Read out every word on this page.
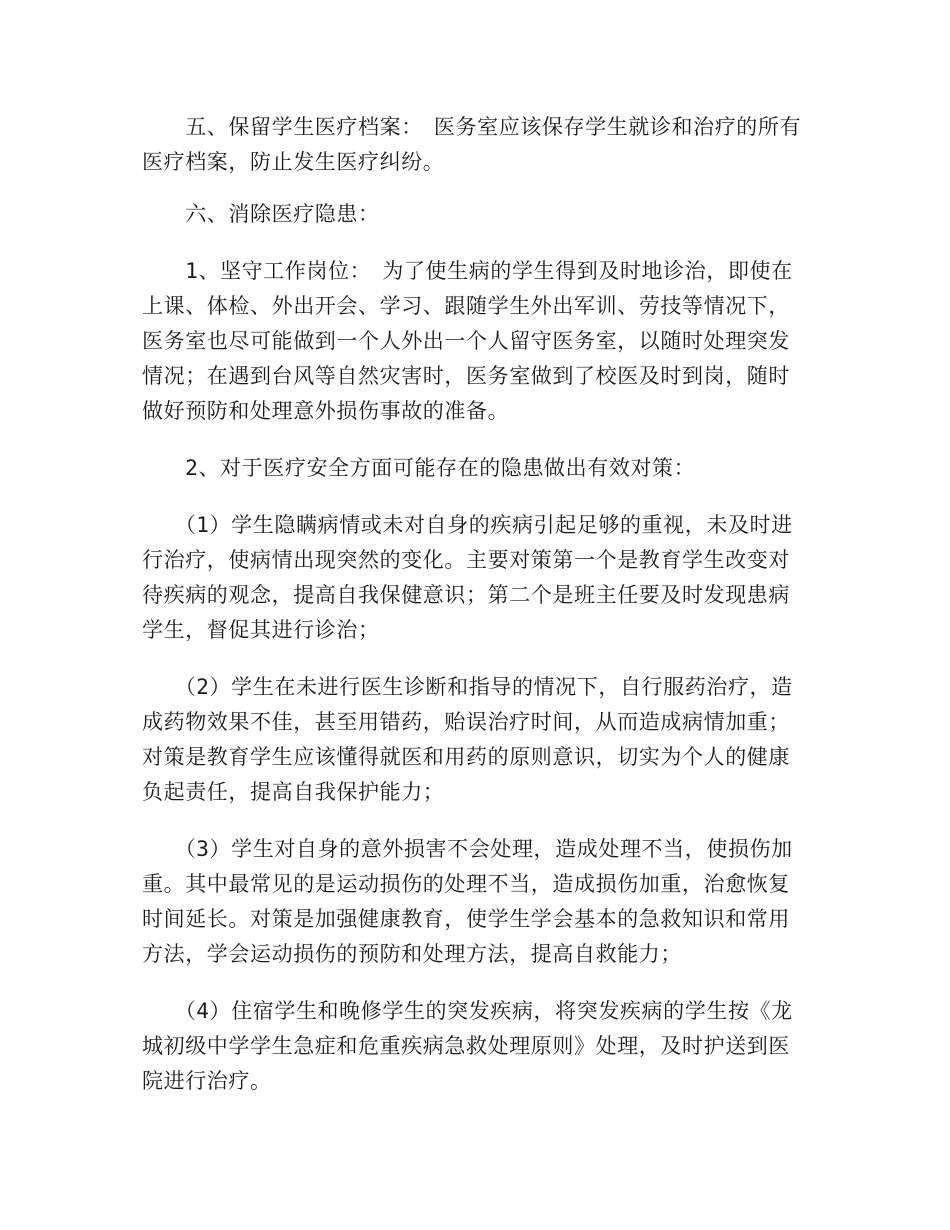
　　五、保留学生医疗档案：　医务室应该保存学生就诊和治疗的所有
医疗档案，防止发生医疗纠纷。

　　六、消除医疗隐患：

　　1、坚守工作岗位：　为了使生病的学生得到及时地诊治，即使在
上课、体检、外出开会、学习、跟随学生外出军训、劳技等情况下，
医务室也尽可能做到一个人外出一个人留守医务室，以随时处理突发
情况；在遇到台风等自然灾害时，医务室做到了校医及时到岗，随时
做好预防和处理意外损伤事故的准备。

　　2、对于医疗安全方面可能存在的隐患做出有效对策：

　　（1）学生隐瞒病情或未对自身的疾病引起足够的重视，未及时进
行治疗，使病情出现突然的变化。主要对策第一个是教育学生改变对
待疾病的观念，提高自我保健意识；第二个是班主任要及时发现患病
学生，督促其进行诊治；

　　（2）学生在未进行医生诊断和指导的情况下，自行服药治疗，造
成药物效果不佳，甚至用错药，贻误治疗时间，从而造成病情加重；
对策是教育学生应该懂得就医和用药的原则意识，切实为个人的健康
负起责任，提高自我保护能力；

　　（3）学生对自身的意外损害不会处理，造成处理不当，使损伤加
重。其中最常见的是运动损伤的处理不当，造成损伤加重，治愈恢复
时间延长。对策是加强健康教育，使学生学会基本的急救知识和常用
方法，学会运动损伤的预防和处理方法，提高自救能力；

　　（4）住宿学生和晚修学生的突发疾病，将突发疾病的学生按《龙
城初级中学学生急症和危重疾病急救处理原则》处理，及时护送到医
院进行治疗。
